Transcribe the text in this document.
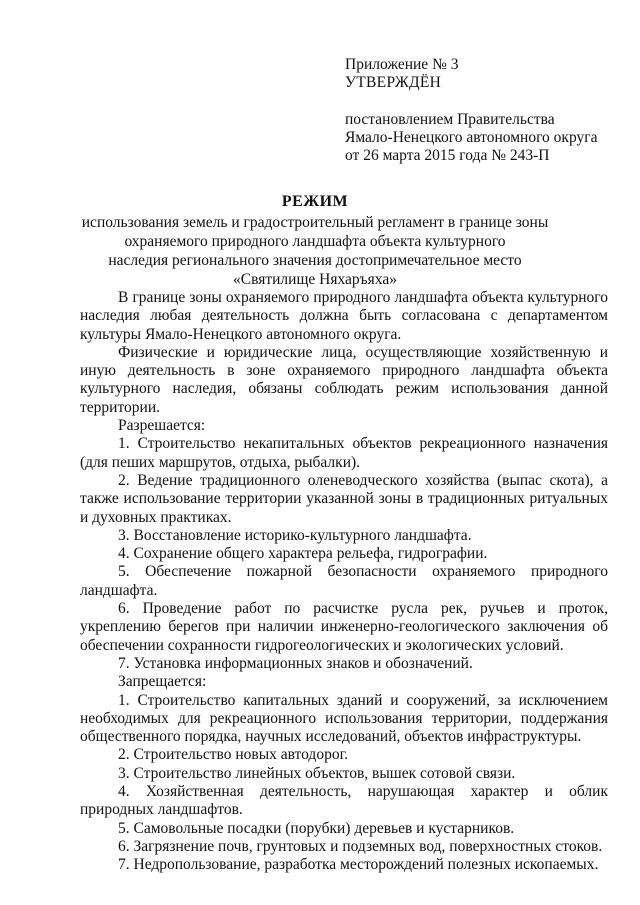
Приложение № 3
УТВЕРЖДЁН
постановлением Правительства
Ямало-Ненецкого автономного округа
от 26 марта 2015 года № 243-П
РЕЖИМ
использования земель и градостроительный регламент в границе зоны
охраняемого природного ландшафта объекта культурного
наследия регионального значения достопримечательное место
«Святилище Няхаръяха»

В границе зоны охраняемого природного ландшафта объекта культурного наследия любая деятельность должна быть согласована с департаментом культуры Ямало-Ненецкого автономного округа.

Физические и юридические лица, осуществляющие хозяйственную и иную деятельность в зоне охраняемого природного ландшафта объекта культурного наследия, обязаны соблюдать режим использования данной территории.

Разрешается:

1. Строительство некапитальных объектов рекреационного назначения (для пеших маршрутов, отдыха, рыбалки).

2. Ведение традиционного оленеводческого хозяйства (выпас скота), а также использование территории указанной зоны в традиционных ритуальных и духовных практиках.

3. Восстановление историко-культурного ландшафта.

4. Сохранение общего характера рельефа, гидрографии.

5. Обеспечение пожарной безопасности охраняемого природного ландшафта.

6. Проведение работ по расчистке русла рек, ручьев и проток, укреплению берегов при наличии инженерно-геологического заключения об обеспечении сохранности гидрогеологических и экологических условий.

7. Установка информационных знаков и обозначений.

Запрещается:

1. Строительство капитальных зданий и сооружений, за исключением необходимых для рекреационного использования территории, поддержания общественного порядка, научных исследований, объектов инфраструктуры.

2. Строительство новых автодорог.

3. Строительство линейных объектов, вышек сотовой связи.

4. Хозяйственная деятельность, нарушающая характер и облик природных ландшафтов.

5. Самовольные посадки (порубки) деревьев и кустарников.

6. Загрязнение почв, грунтовых и подземных вод, поверхностных стоков.

7. Недропользование, разработка месторождений полезных ископаемых.
